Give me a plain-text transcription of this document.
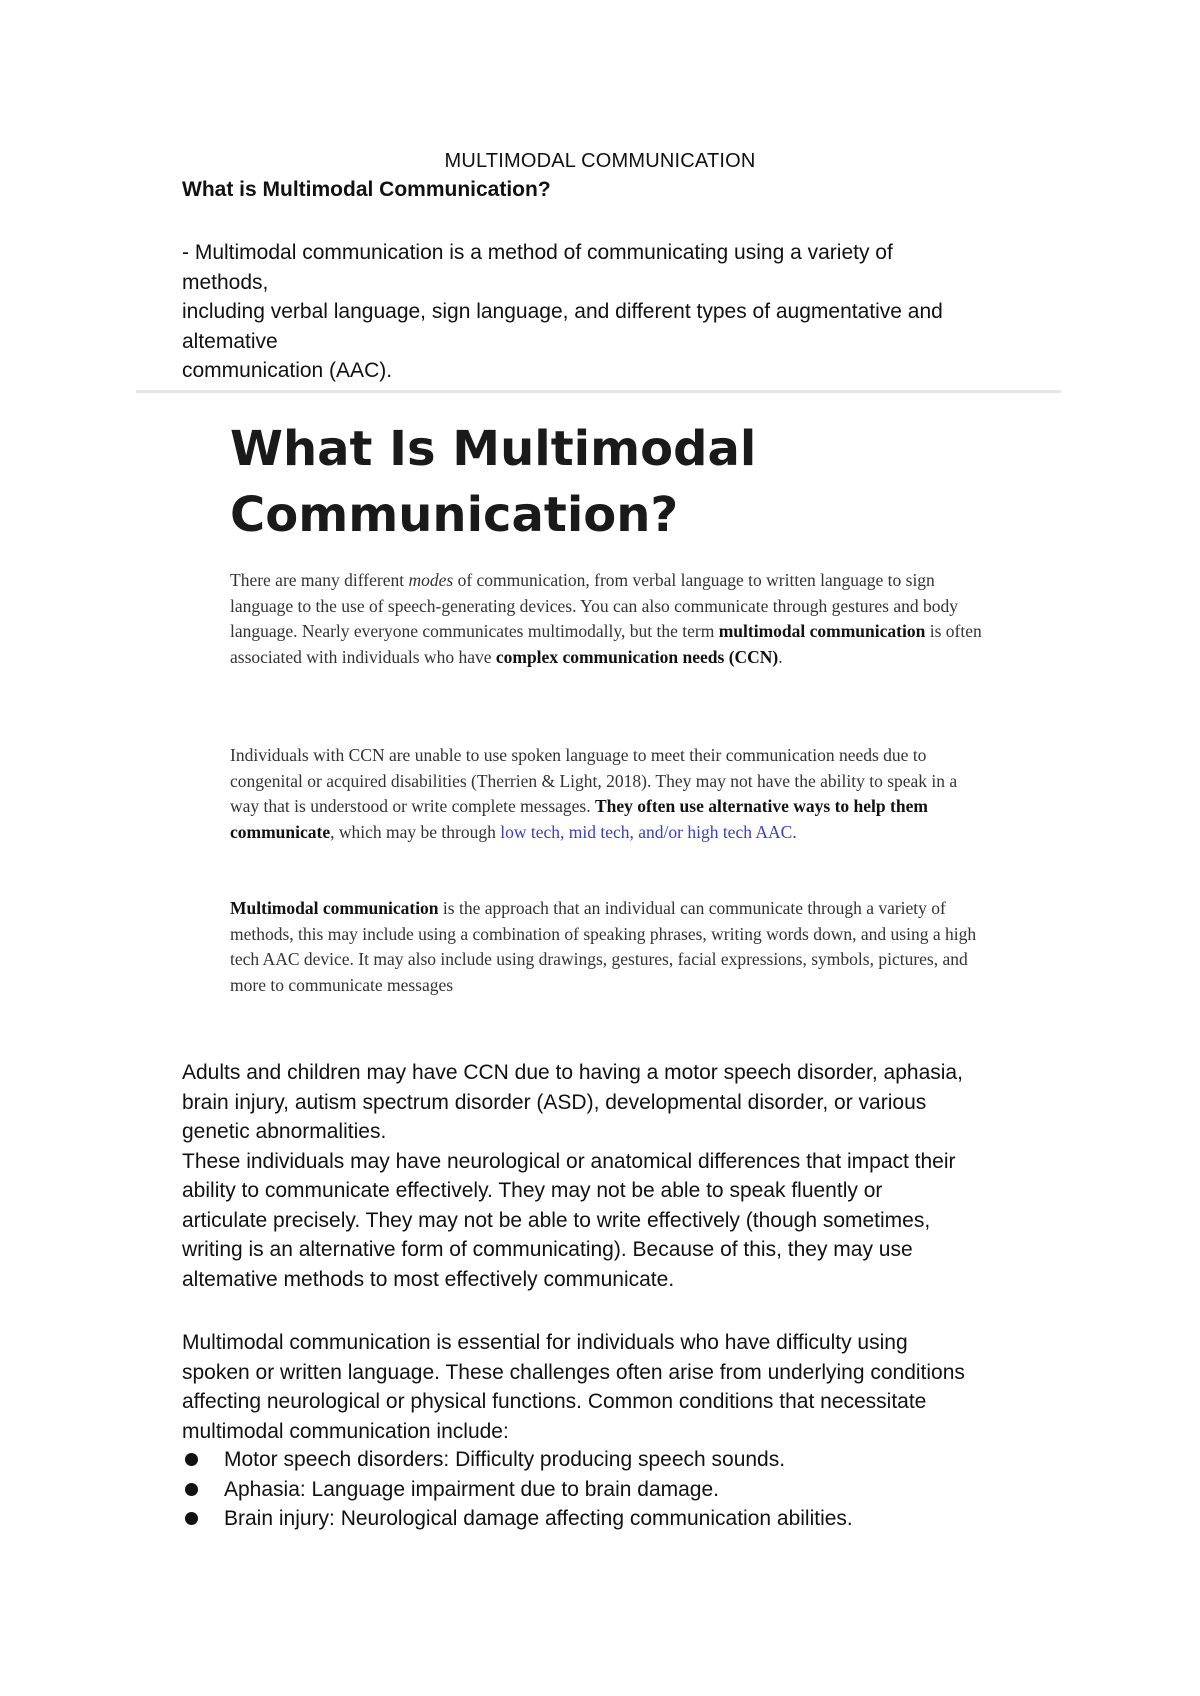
MULTIMODAL COMMUNICATION
What is Multimodal Communication?
- Multimodal communication is a method of communicating using a variety of
methods,
including verbal language, sign language, and different types of augmentative and
altemative
communication (AAC).
What Is Multimodal
Communication?
There are many different modes of communication, from verbal language to written language to sign language to the use of speech-generating devices. You can also communicate through gestures and body language. Nearly everyone communicates multimodally, but the term multimodal communication is often associated with individuals who have complex communication needs (CCN).
Individuals with CCN are unable to use spoken language to meet their communication needs due to congenital or acquired disabilities (Therrien & Light, 2018). They may not have the ability to speak in a way that is understood or write complete messages. They often use alternative ways to help them communicate, which may be through low tech, mid tech, and/or high tech AAC.
Multimodal communication is the approach that an individual can communicate through a variety of methods, this may include using a combination of speaking phrases, writing words down, and using a high tech AAC device. It may also include using drawings, gestures, facial expressions, symbols, pictures, and more to communicate messages
Adults and children may have CCN due to having a motor speech disorder, aphasia,
brain injury, autism spectrum disorder (ASD), developmental disorder, or various
genetic abnormalities.
These individuals may have neurological or anatomical differences that impact their
ability to communicate effectively. They may not be able to speak fluently or
articulate precisely. They may not be able to write effectively (though sometimes,
writing is an alternative form of communicating). Because of this, they may use
altemative methods to most effectively communicate.
Multimodal communication is essential for individuals who have difficulty using
spoken or written language. These challenges often arise from underlying conditions
affecting neurological or physical functions. Common conditions that necessitate
multimodal communication include:
Motor speech disorders: Difficulty producing speech sounds.
Aphasia: Language impairment due to brain damage.
Brain injury: Neurological damage affecting communication abilities.
